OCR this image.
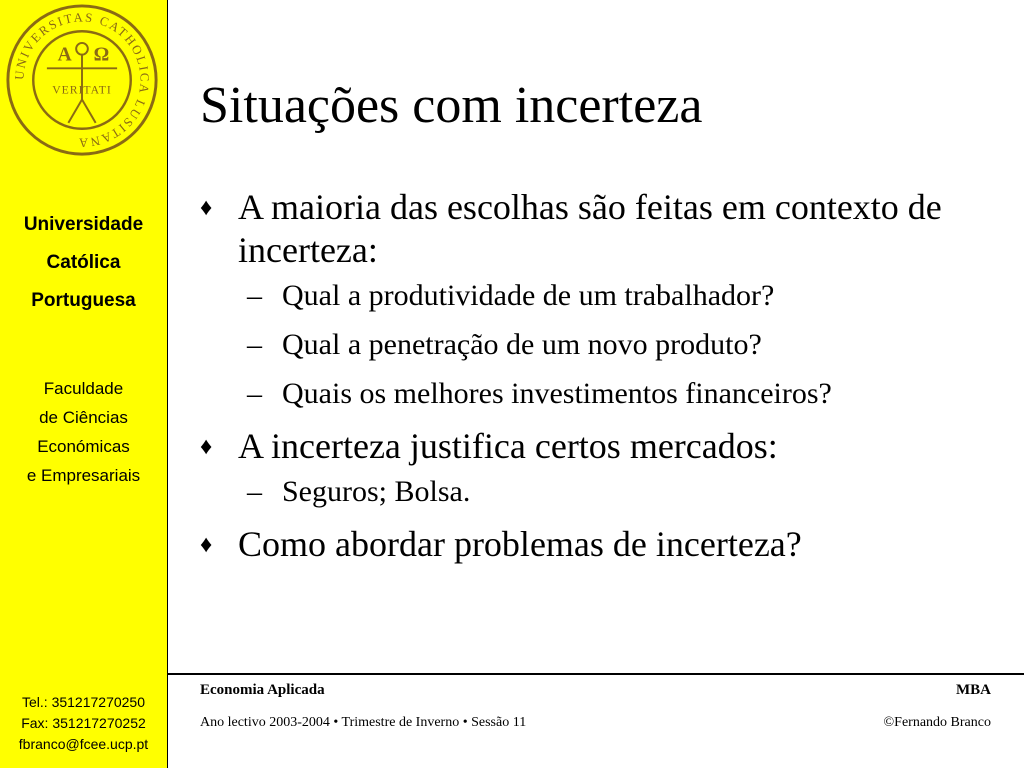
UNIVERSITAS CATHOLICA LUSITANA
A Ω
VERITATI
Universidade
Católica
Portuguesa
Faculdade
de Ciências
Económicas
e Empresariais
Tel.: 351217270250
Fax: 351217270252
fbranco@fcee.ucp.pt
Situações com incerteza
♦ A maioria das escolhas são feitas em contexto de incerteza:
– Qual a produtividade de um trabalhador?
– Qual a penetração de um novo produto?
– Quais os melhores investimentos financeiros?
♦ A incerteza justifica certos mercados:
– Seguros; Bolsa.
♦ Como abordar problemas de incerteza?
Economia Aplicada	MBA
Ano lectivo 2003-2004 • Trimestre de Inverno • Sessão 11	©Fernando Branco
